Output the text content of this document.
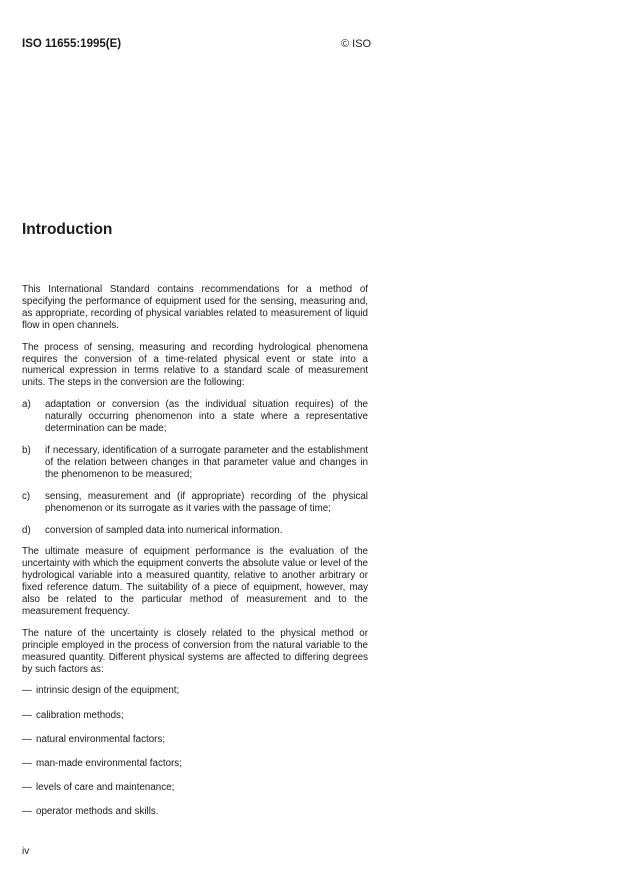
ISO 11655:1995(E)	© ISO
Introduction

This International Standard contains recommendations for a method of specifying the performance of equipment used for the sensing, measuring and, as appropriate, recording of physical variables related to measurement of liquid flow in open channels.

The process of sensing, measuring and recording hydrological phenomena requires the conversion of a time-related physical event or state into a numerical expression in terms relative to a standard scale of measurement units. The steps in the conversion are the following:

a)	adaptation or conversion (as the individual situation requires) of the naturally occurring phenomenon into a state where a representative determination can be made;
b)	if necessary, identification of a surrogate parameter and the establishment of the relation between changes in that parameter value and changes in the phenomenon to be measured;
c)	sensing, measurement and (if appropriate) recording of the physical phenomenon or its surrogate as it varies with the passage of time;
d)	conversion of sampled data into numerical information.

The ultimate measure of equipment performance is the evaluation of the uncertainty with which the equipment converts the absolute value or level of the hydrological variable into a measured quantity, relative to another arbitrary or fixed reference datum. The suitability of a piece of equipment, however, may also be related to the particular method of measurement and to the measurement frequency.

The nature of the uncertainty is closely related to the physical method or principle employed in the process of conversion from the natural variable to the measured quantity. Different physical systems are affected to differing degrees by such factors as:

— intrinsic design of the equipment;
— calibration methods;
— natural environmental factors;
— man-made environmental factors;
— levels of care and maintenance;
— operator methods and skills.
iv
